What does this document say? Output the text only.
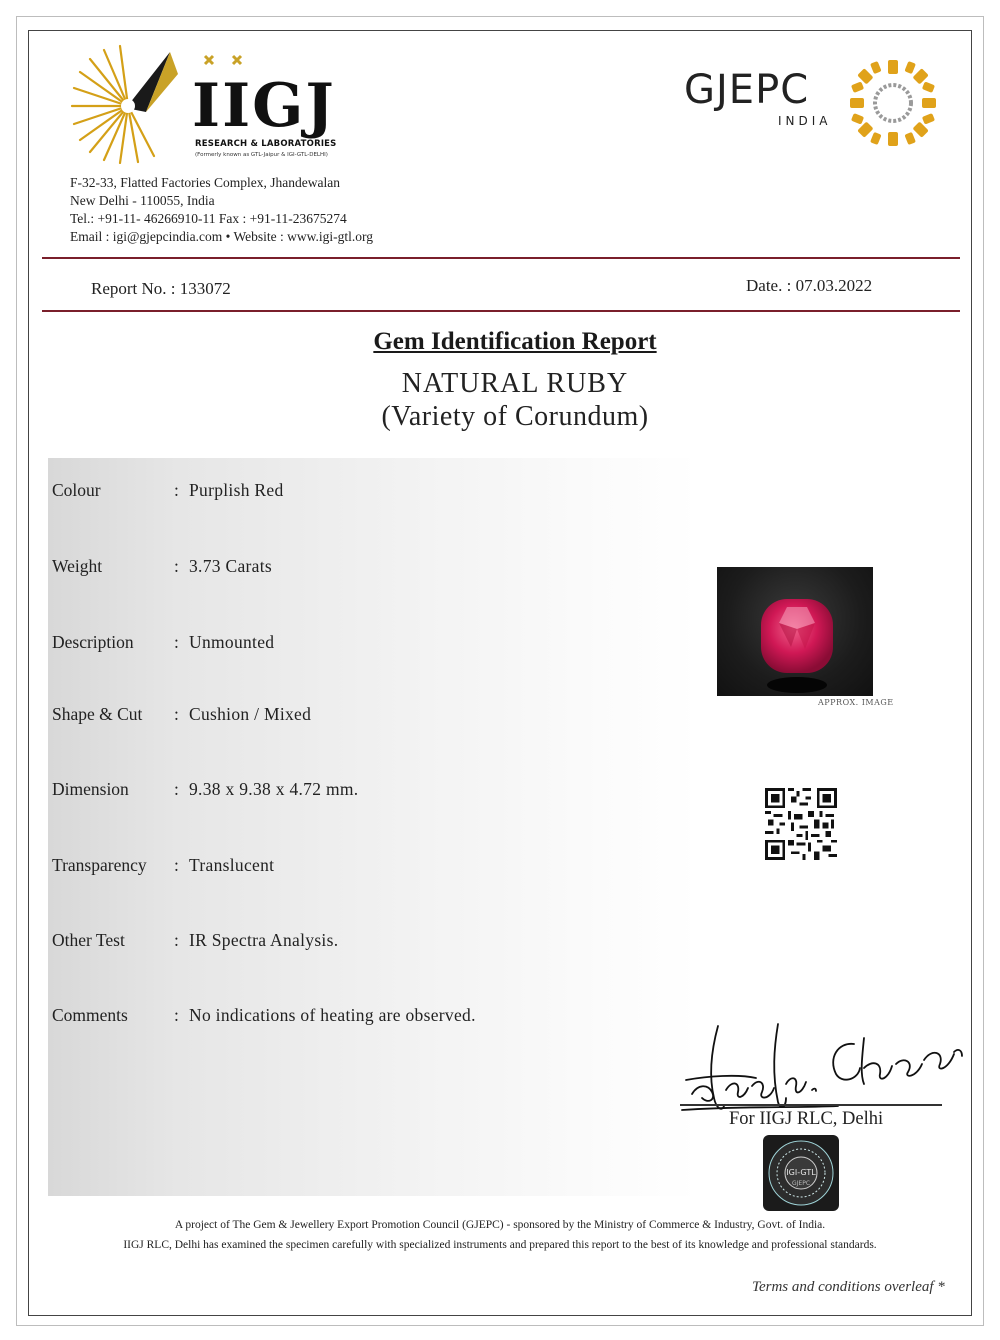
IIGJ
RESEARCH & LABORATORIES
(Formerly known as GTL-Jaipur & IGI-GTL-DELHI)
GJEPC
INDIA
F-32-33, Flatted Factories Complex, Jhandewalan
New Delhi - 110055, India
Tel.: +91-11- 46266910-11 Fax : +91-11-23675274
Email : igi@gjepcindia.com • Website : www.igi-gtl.org
Report No. : 133072	Date. : 07.03.2022
Gem Identification Report
NATURAL RUBY
(Variety of Corundum)
Colour	: Purplish Red
Weight	: 3.73 Carats
Description : Unmounted
Shape & Cut : Cushion / Mixed
Dimension	: 9.38 x 9.38 x 4.72 mm.
Transparency : Translucent
Other Test	: IR Spectra Analysis.
Comments	: No indications of heating are observed.
APPROX. IMAGE
For IIGJ RLC, Delhi
IGI-GTL
GJEPC
A project of The Gem & Jewellery Export Promotion Council (GJEPC) - sponsored by the Ministry of Commerce & Industry, Govt. of India.
IIGJ RLC, Delhi has examined the specimen carefully with specialized instruments and prepared this report to the best of its knowledge and professional standards.
Terms and conditions overleaf *
